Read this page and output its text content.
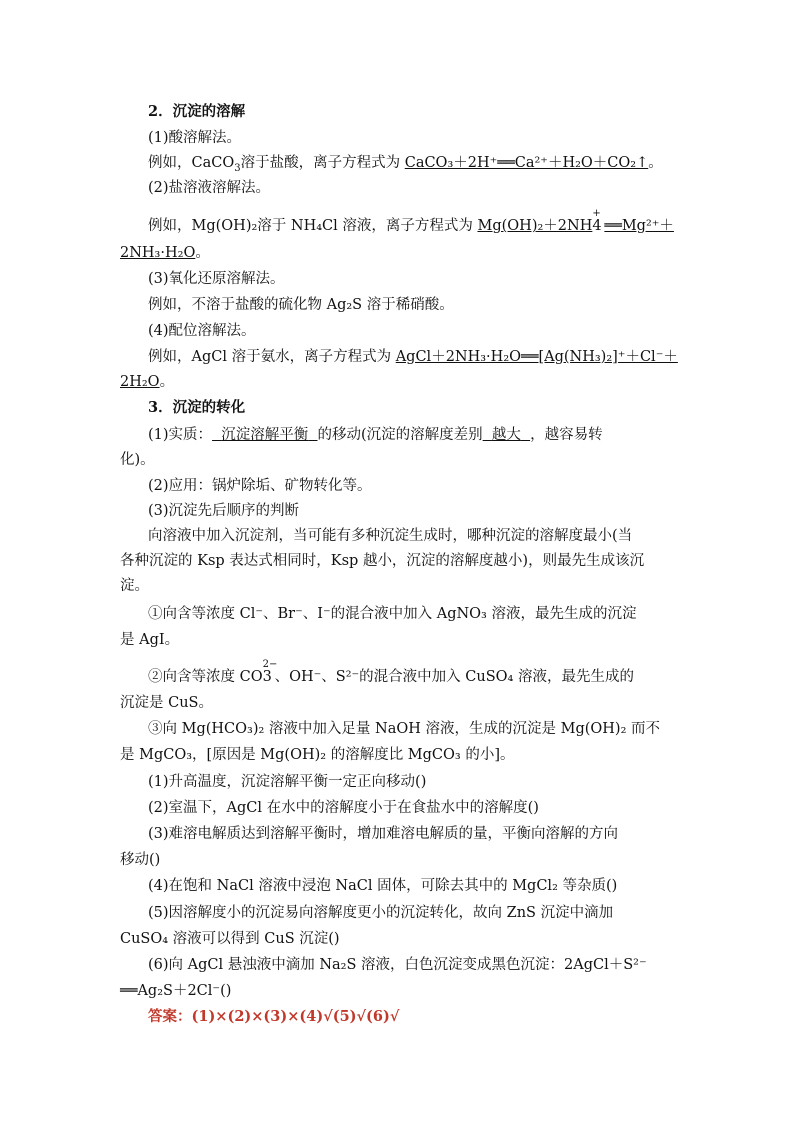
2．沉淀的溶解
(1)酸溶解法。
例如，CaCO$_3$溶于盐酸，离子方程式为 CaCO₃＋2H⁺══Ca²⁺＋H₂O＋CO₂↑。
(2)盐溶液溶解法。
例如，Mg(OH)₂溶于 NH₄Cl 溶液，离子方程式为 Mg(OH)₂＋2NH
+
4 ══Mg²⁺＋
2NH₃·H₂O。
(3)氧化还原溶解法。
例如，不溶于盐酸的硫化物 Ag₂S 溶于稀硝酸。
(4)配位溶解法。
例如，AgCl 溶于氨水，离子方程式为 AgCl＋2NH₃·H₂O══[Ag(NH₃)₂]⁺＋Cl⁻＋
2H₂O。
3．沉淀的转化
(1)实质： 沉淀溶解平衡 的移动(沉淀的溶解度差别 越大 ，越容易转
化)。
(2)应用：锅炉除垢、矿物转化等。
(3)沉淀先后顺序的判断
向溶液中加入沉淀剂，当可能有多种沉淀生成时，哪种沉淀的溶解度最小(当
各种沉淀的 Ksp 表达式相同时，Ksp 越小，沉淀的溶解度越小)，则最先生成该沉
淀。
①向含等浓度 Cl⁻、Br⁻、I⁻的混合液中加入 AgNO₃ 溶液，最先生成的沉淀
是 AgI。
②向含等浓度 CO
2−
3 、OH⁻、S²⁻的混合液中加入 CuSO₄ 溶液，最先生成的
沉淀是 CuS。
③向 Mg(HCO₃)₂ 溶液中加入足量 NaOH 溶液，生成的沉淀是 Mg(OH)₂ 而不
是 MgCO₃，[原因是 Mg(OH)₂ 的溶解度比 MgCO₃ 的小]。
(1)升高温度，沉淀溶解平衡一定正向移动()
(2)室温下，AgCl 在水中的溶解度小于在食盐水中的溶解度()
(3)难溶电解质达到溶解平衡时，增加难溶电解质的量，平衡向溶解的方向
移动()
(4)在饱和 NaCl 溶液中浸泡 NaCl 固体，可除去其中的 MgCl₂ 等杂质()
(5)因溶解度小的沉淀易向溶解度更小的沉淀转化，故向 ZnS 沉淀中滴加
CuSO₄ 溶液可以得到 CuS 沉淀()
(6)向 AgCl 悬浊液中滴加 Na₂S 溶液，白色沉淀变成黑色沉淀：2AgCl＋S²⁻
══Ag₂S＋2Cl⁻()
答案：(1)×(2)×(3)×(4)√(5)√(6)√
